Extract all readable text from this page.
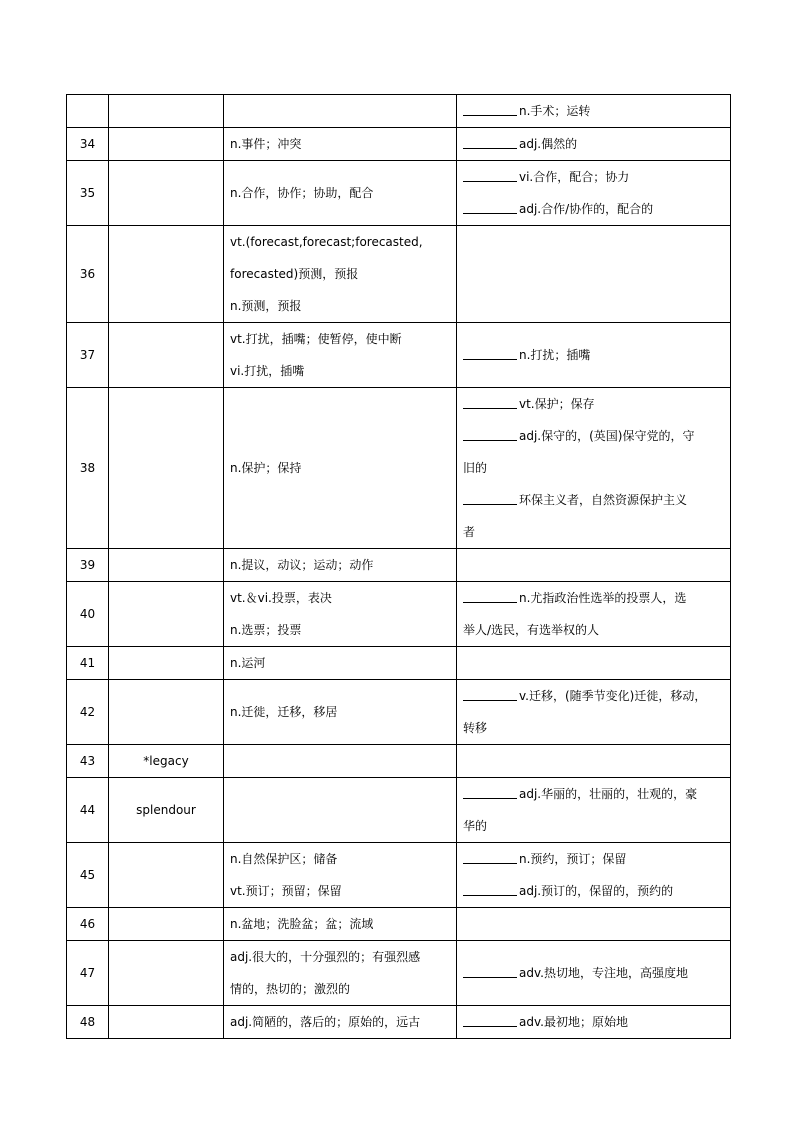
			n.手术；运转

34		n.事件；冲突	adj.偶然的

35		n.合作，协作；协助，配合	vi.合作，配合；协力
adj.合作/协作的，配合的

36		vt.(forecast,forecast;forecasted,
forecasted)预测，预报
n.预测，预报	

37		vt.打扰，插嘴；使暂停，使中断
vi.打扰，插嘴	n.打扰；插嘴

38		n.保护；保持	vt.保护；保存
adj.保守的，(英国)保守党的，守
旧的
环保主义者，自然资源保护主义
者

39		n.提议，动议；运动；动作	

40		vt.＆vi.投票，表决
n.选票；投票	n.尤指政治性选举的投票人，选
举人/选民，有选举权的人

41		n.运河	

42		n.迁徙，迁移，移居	v.迁移，(随季节变化)迁徙，移动，
转移

43	*legacy		
44	splendour		adj.华丽的，壮丽的，壮观的，豪
华的

45		n.自然保护区；储备
vt.预订；预留；保留	n.预约，预订；保留
adj.预订的，保留的，预约的

46		n.盆地；洗脸盆；盆；流域	

47		adj.很大的，十分强烈的；有强烈感
情的，热切的；激烈的	adv.热切地，专注地，高强度地

48		adj.简陋的，落后的；原始的，远古	adv.最初地；原始地
